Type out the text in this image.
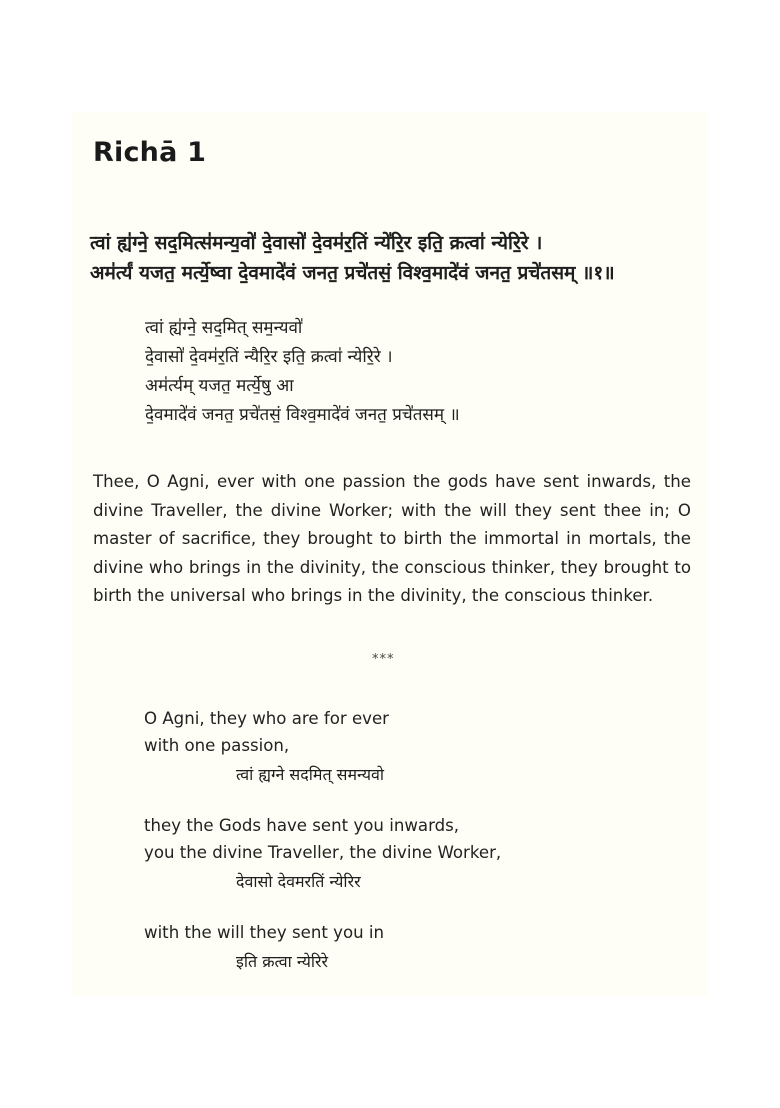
Richā 1
त्वां ह्य॑ग्ने॒ सद॒मित्स॑मन्य॒वो॑ दे॒वासो॑ दे॒वम॑र॒तिं न्ये॑रि॒र इति॒ क्रत्वा॑ न्येरि॒रे ।
अम॑र्त्यं यजत॒ मर्त्ये॒ष्वा दे॒वमादे॑वं जनत॒ प्रचे॑तसं॒ विश्व॒मादे॑वं जनत॒ प्रचे॑तसम् ॥१॥
त्वां ह्य॑ग्ने॒ सद॒मित् सम॒न्यवो॑
दे॒वासो॑ दे॒वम॑र॒तिं न्यैरि॒र इति॒ क्रत्वा॑ न्येरि॒रे ।
अम॑र्त्यम् यजत॒ मर्त्ये॒षु आ
दे॒वमादे॑वं जनत॒ प्रचे॑तसं॒ विश्व॒मादे॑वं जनत॒ प्रचे॑तसम् ॥

Thee, O Agni, ever with one passion the gods have sent inwards, the divine Traveller, the divine Worker; with the will they sent thee in; O master of sacrifice, they brought to birth the immortal in mortals, the divine who brings in the divinity, the conscious thinker, they brought to birth the universal who brings in the divinity, the conscious thinker.

***
O Agni, they who are for ever
with one passion,
त्वां ह्यग्ने सदमित् समन्यवो
they the Gods have sent you inwards,
you the divine Traveller, the divine Worker,
देवासो देवमरतिं न्येरिर
with the will they sent you in
इति क्रत्वा न्येरिरे
